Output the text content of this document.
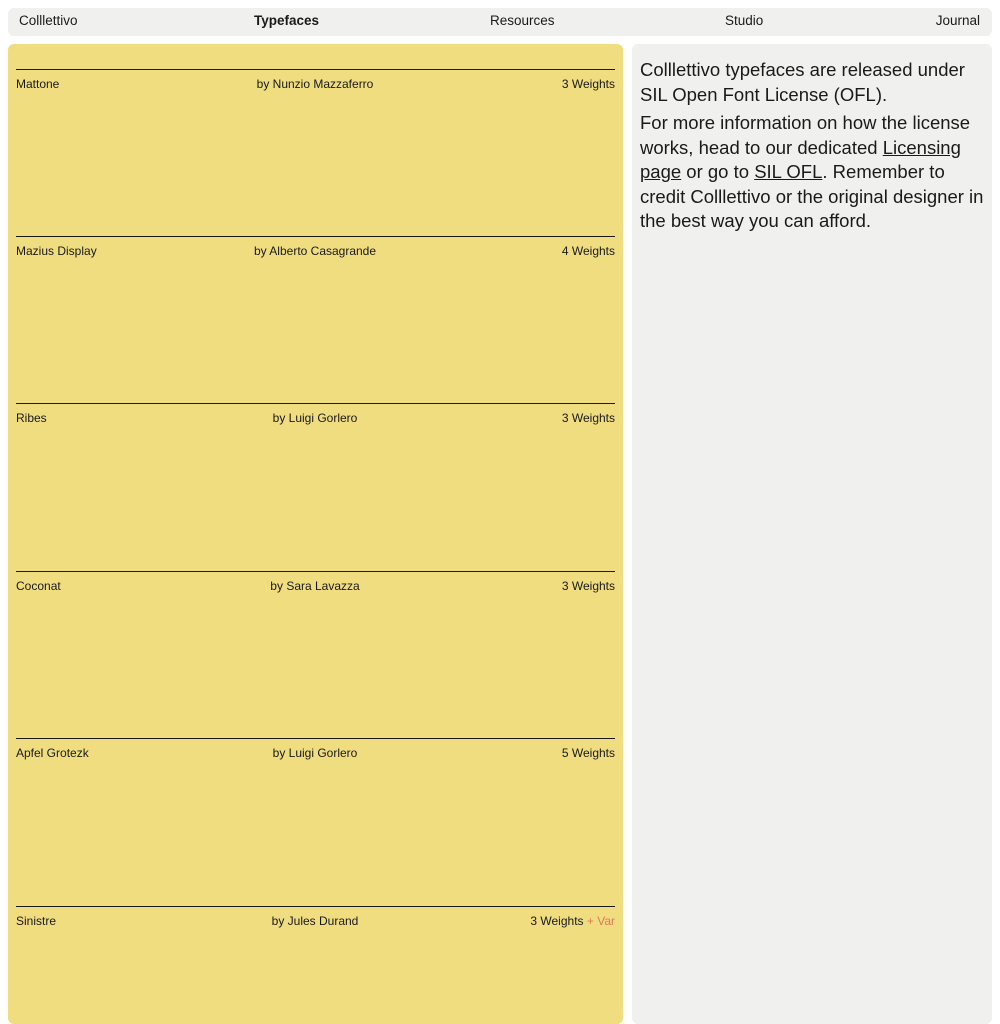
Colllettivo	Typefaces	Resources	Studio	Journal
Mattone	by Nunzio Mazzaferro	3 Weights
Mazius Display	by Alberto Casagrande	4 Weights
Ribes	by Luigi Gorlero	3 Weights
Coconat	by Sara Lavazza	3 Weights
Apfel Grotezk	by Luigi Gorlero	5 Weights
Sinistre	by Jules Durand	3 Weights + Var

Colllettivo typefaces are released under SIL Open Font License (OFL).

For more information on how the license works, head to our dedicated Licensing page or go to SIL OFL. Remember to credit Colllettivo or the original designer in the best way you can afford.
